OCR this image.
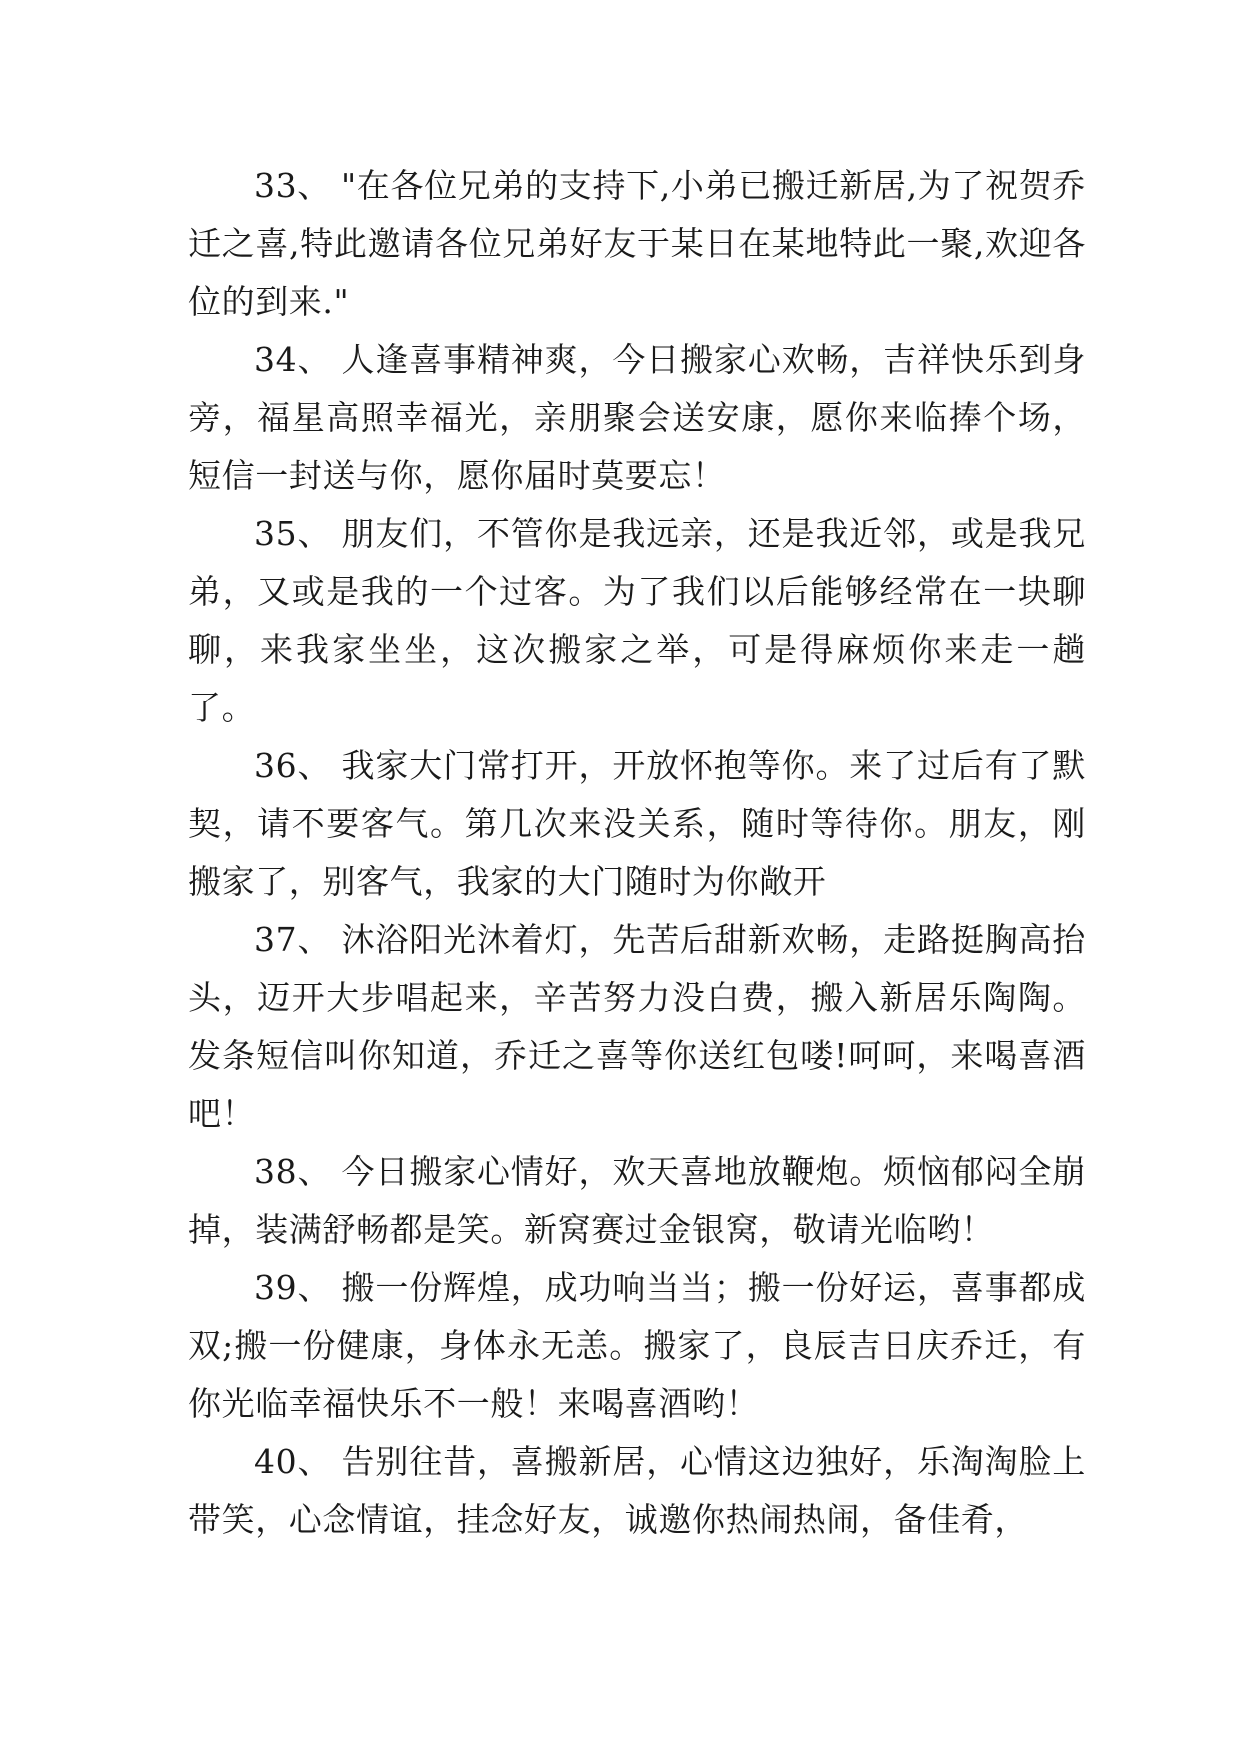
33、 "在各位兄弟的支持下,小弟已搬迁新居,为了祝贺乔迁之喜,特此邀请各位兄弟好友于某日在某地特此一聚,欢迎各位的到来."

34、 人逢喜事精神爽，今日搬家心欢畅，吉祥快乐到身旁，福星高照幸福光，亲朋聚会送安康，愿你来临捧个场，短信一封送与你，愿你届时莫要忘！

35、 朋友们，不管你是我远亲，还是我近邻，或是我兄弟，又或是我的一个过客。为了我们以后能够经常在一块聊聊，来我家坐坐，这次搬家之举，可是得麻烦你来走一趟了。

36、 我家大门常打开，开放怀抱等你。来了过后有了默契，请不要客气。第几次来没关系，随时等待你。朋友，刚搬家了，别客气，我家的大门随时为你敞开

37、 沐浴阳光沐着灯，先苦后甜新欢畅，走路挺胸高抬头，迈开大步唱起来，辛苦努力没白费，搬入新居乐陶陶。发条短信叫你知道，乔迁之喜等你送红包喽!呵呵，来喝喜酒吧！

38、 今日搬家心情好，欢天喜地放鞭炮。烦恼郁闷全崩掉，装满舒畅都是笑。新窝赛过金银窝，敬请光临哟！

39、 搬一份辉煌，成功响当当；搬一份好运，喜事都成双;搬一份健康，身体永无恙。搬家了，良辰吉日庆乔迁，有你光临幸福快乐不一般！来喝喜酒哟！

40、 告别往昔，喜搬新居，心情这边独好，乐淘淘脸上带笑，心念情谊，挂念好友，诚邀你热闹热闹，备佳肴，
